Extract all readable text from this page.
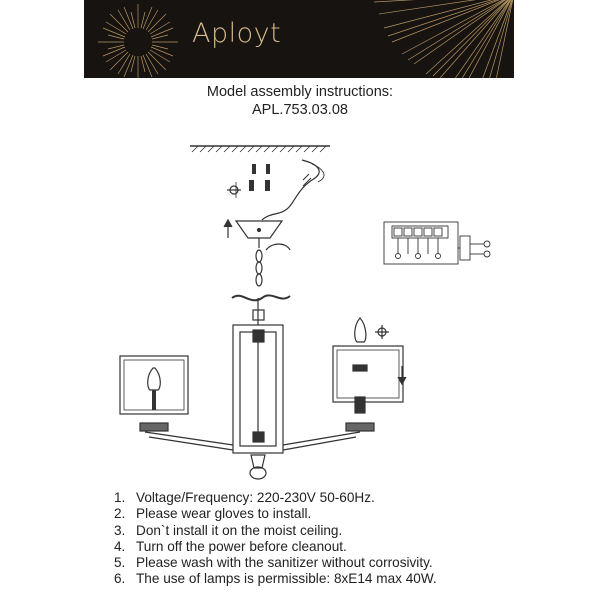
Aployt
Model assembly instructions:
APL.753.03.08
1. Voltage/Frequency: 220-230V 50-60Hz.
2. Please wear gloves to install.
3. Don`t install it on the moist ceiling.
4. Turn off the power before cleanout.
5. Please wash with the sanitizer without corrosivity.
6. The use of lamps is permissible: 8xE14 max 40W.
